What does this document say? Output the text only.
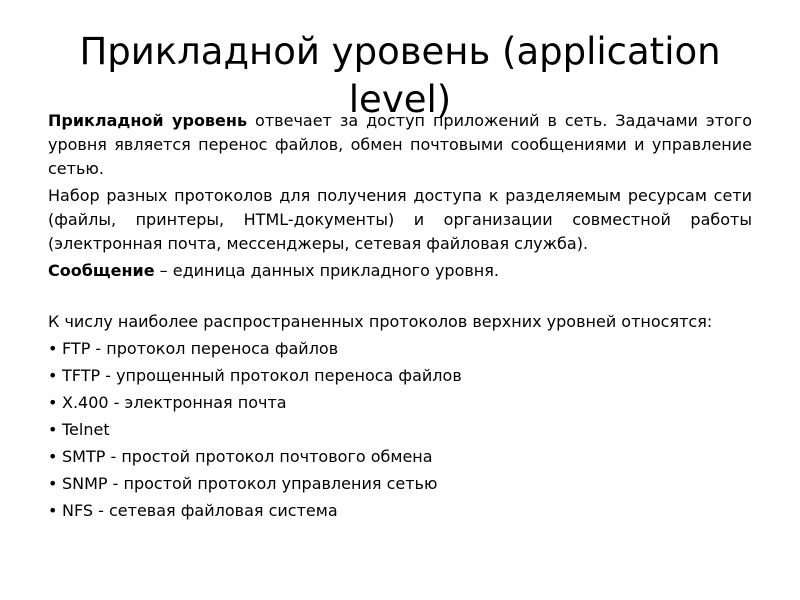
Прикладной уровень (application level)

Прикладной уровень отвечает за доступ приложений в сеть. Задачами этого уровня является перенос файлов, обмен почтовыми сообщениями и управление сетью.

Набор разных протоколов для получения доступа к разделяемым ресурсам сети (файлы, принтеры, HTML-документы) и организации совместной работы (электронная почта, мессенджеры, сетевая файловая служба).

Сообщение – единица данных прикладного уровня.

К числу наиболее распространенных протоколов верхних уровней относятся:

• FTP - протокол переноса файлов
• TFTP - упрощенный протокол переноса файлов
• X.400 - электронная почта
• Telnet
• SMTP - простой протокол почтового обмена
• SNMP - простой протокол управления сетью
• NFS - сетевая файловая система
